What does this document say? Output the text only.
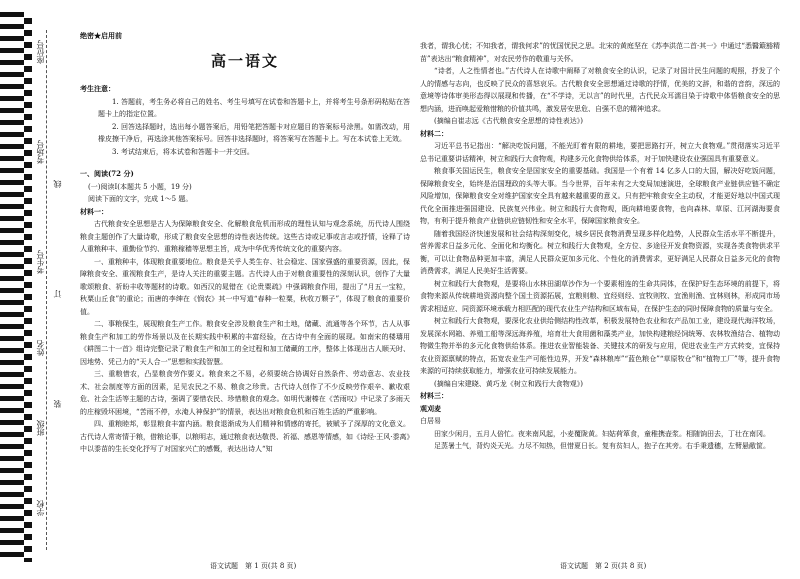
座位号
考场号
考生号
姓名
班级
学校
线
订
装

绝密★启用前

高一语文

考生注意：

1. 答题前，考生务必将自己的姓名、考生号填写在试卷和答题卡上，并将考生号条形码粘贴在答题卡上的指定位置。

2. 回答选择题时，选出每小题答案后，用铅笔把答题卡对应题目的答案标号涂黑。如需改动，用橡皮擦干净后，再选涂其他答案标号。回答非选择题时，将答案写在答题卡上。写在本试卷上无效。

3. 考试结束后，将本试卷和答题卡一并交回。

一、阅读(72 分)

(一)阅读Ⅰ(本题共 5 小题，19 分)

阅读下面的文字，完成 1～5 题。

材料一：

古代粮食安全思想是古人为保障粮食安全、化解粮食危机而形成的理性认知与观念系统，历代诗人围绕粮食主题创作了大量诗歌，形成了粮食安全思想的诗性表达传统。这些古诗或记事或言志或抒情，诠释了诗人重粮种丰、重勤俭节约、重粮稼穑等思想主旨，成为中华优秀传统文化的重要内容。

一、重粮种丰，体现粮食重要地位。粮食是关乎人类生存、社会稳定、国家强盛的重要资源，因此，保障粮食安全、重视粮食生产，是诗人关注的重要主题。古代诗人由于对粮食重要性的深刻认识，创作了大量歌颂粮食、祈盼丰收等题材的诗歌。如西汉的晁错在《论贵粟疏》中强调粮食作用，提出了“月五一宝粒，秋粟山丘食”的重论；而唐的李绅在《悯农》其一中写道“春种一粒粟，秋收万颗子”，体现了粮食的重要价值。

二、事粮保生，展现粮食生产工作。粮食安全涉及粮食生产和土地，储藏、流通等各个环节，古人从事粮食生产和加工的劳作场景以及在长期实践中积累的丰富经验，在古诗中有全面的展现。如南宋的楼璹用《耕图二十一首》组诗完整记录了粮食生产和加工的全过程和加工储藏的工序，整体上体现出古人顺天时、因地势、凭己力的“天人合一”思想和实践智慧。

三、重粮惜农，凸显粮食劳作要义。粮食来之不易，必须要统合协调好自然条件、劳动意志、农业技术、社会制度等方面的因素，足见农民之不易、粮食之珍贵。古代诗人创作了不少反映劳作艰辛、歉收艰危、社会生活等主题的古诗，强调了要惜农民、珍惜粮食的观念。如明代谢榛在《苦雨叹》中记录了多雨天的庄稼毁坏困境，“苦雨不停，水淹人神保护”的情景，表达出对粮食危机和百姓生活的严重影响。

四、重粮睦邦，彰显粮食丰富内涵。粮食退渐成为人们精神和情感的寄托，被赋予了深厚的文化意义。古代诗人常寄情于粮，借粮论事，以粮明志，通过粮食表达敬畏、祈福、感恩等情感，如《诗经·王风·黍离》中以黍苗的生长变化抒写了对国家兴亡的感慨，表达出诗人“知

我者，谓我心忧；不知我者，谓我何求”的忧国忧民之思。北宋的黄庭坚在《苏李洪范二首·其一》中通过“悉醫簸豁精苗”表达出“粮食精神”，对农民劳作的敬重与关怀。

“诗者，人之性情者也。”古代诗人在诗歌中阐释了对粮食安全的认识，记录了对国计民生问题的观照，抒发了个人的情感与志向，也反映了民众的喜怒哀乐。古代粮食安全思想通过诗歌的抒情，优美的文辞，和谐的音韵，深远的意境等诗体审美形态得以展现和传播，在“不学诗，无以言”的时代里，古代民众耳濡目染于诗歌中体悟粮食安全的思想内涵，进而唤起爱粮惜粮的价值共鸣，激发居安思危、自强不息的精神追求。

(摘编自崔志远《古代粮食安全思想的诗性表达》)

材料二：

习近平总书记指出：“解决吃饭问题，不能光盯着有限的耕地，要把思路打开，树立大食物观。”贯彻落实习近平总书记重要讲话精神，树立和践行大食物观，构建多元化食物供给体系，对于加快建设农业强国具有重要意义。

粮食事关国运民生，粮食安全是国家安全的重要基础。我国是一个有着 14 亿多人口的大国，解决好吃饭问题，保障粮食安全，始终是治国理政的头等大事。当今世界，百年未有之大变局加速演进，全球粮食产业链供应链不确定风险增加，保障粮食安全对维护国家安全具有越来越重要的意义。只有把牢粮食安全主动权，才能更好地以中国式现代化全面推进强国建设、民族复兴伟业。树立和践行大食物观，既向耕地要食物，也向森林、草原、江河湖海要食物，有利于提升粮食产业链供应链韧性和安全水平，保障国家粮食安全。

随着我国经济快速发展和社会结构深刻变化，城乡居民食物消费呈现多样化趋势，人民群众生活水平不断提升，营养需求日益多元化、全面化和均衡化。树立和践行大食物观，全方位、多途径开发食物资源，实现各类食物供求平衡，可以让食物品种更加丰富，满足人民群众更加多元化、个性化的消费需求，更好满足人民群众日益多元化的食物消费需求，满足人民美好生活需要。

树立和践行大食物观，是要将山水林田湖草沙作为一个要素相连的生命共同体，在保护好生态环境的前提下，将食物来源从传统耕地资源向整个国土资源拓展，宜粮则粮、宜经则经、宜牧则牧、宜渔则渔、宜林则林，形成同市场需求相适应、同资源环境承载力相匹配的现代农业生产结构和区域布局，在保护生态的同时保障食物的质量与安全。

树立和践行大食物观，要深化农业供给侧结构性改革，积极发展特色农业和农产品加工业，建设现代海洋牧场，发展深水网箱、养殖工船等深远海养殖，培育壮大食用菌和藻类产业，加快构建粮经饲统筹、农林牧渔结合、植物动物微生物并举的多元化食物供给体系。推进农业智能装备、关键技术的研发与应用，促进农业生产方式转变，宜保持农业资源禀赋的特点，拓宽农业生产可能性边界，开发“森林粮库”“蓝色粮仓”“草原牧仓”和“植物工厂”等，提升食物来源的可持续获取能力，增强农业可持续发展能力。

(摘编自宋建晓、黄巧龙《树立和践行大食物观》)

材料三：

观刈麦

白居易

田家少闲月，五月人倍忙。夜来南风起，小麦覆陇黄。妇姑荷箪食，童稚携壶浆。相随饷田去，丁壮在南冈。

足蒸暑土气，背灼炎天光。力尽不知热，但惜夏日长。复有贫妇人，抱子在其旁。右手秉遗穗，左臂悬敝筐。

语文试题　第 1 页(共 8 页)	语文试题　第 2 页(共 8 页)
